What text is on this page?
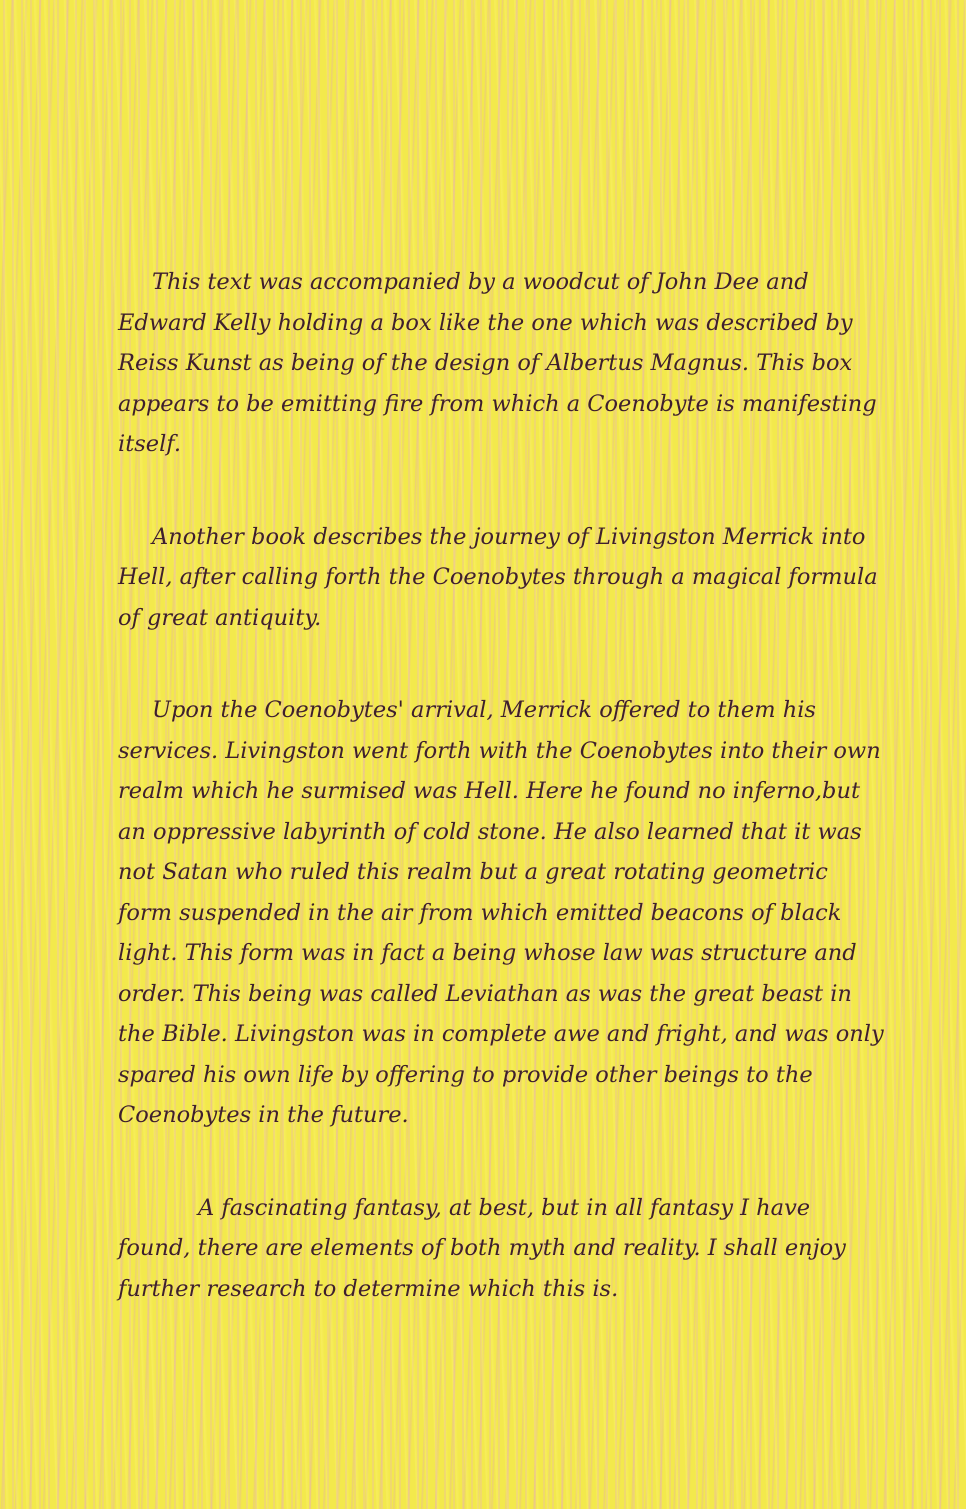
This text was accompanied by a woodcut of John Dee and Edward Kelly holding a box like the one which was described by Reiss Kunst as being of the design of Albertus Magnus. This box appears to be emitting fire from which a Coenobyte is manifesting itself.

Another book describes the journey of Livingston Merrick into Hell, after calling forth the Coenobytes through a magical formula of great antiquity.

Upon the Coenobytes' arrival, Merrick offered to them his services. Livingston went forth with the Coenobytes into their own realm which he surmised was Hell. Here he found no inferno,but an oppressive labyrinth of cold stone. He also learned that it was not Satan who ruled this realm but a great rotating geometric form suspended in the air from which emitted beacons of black light. This form was in fact a being whose law was structure and order. This being was called Leviathan as was the great beast in the Bible. Livingston was in complete awe and fright, and was only spared his own life by offering to provide other beings to the Coenobytes in the future.

A fascinating fantasy, at best, but in all fantasy I have found, there are elements of both myth and reality. I shall enjoy further research to determine which this is.
